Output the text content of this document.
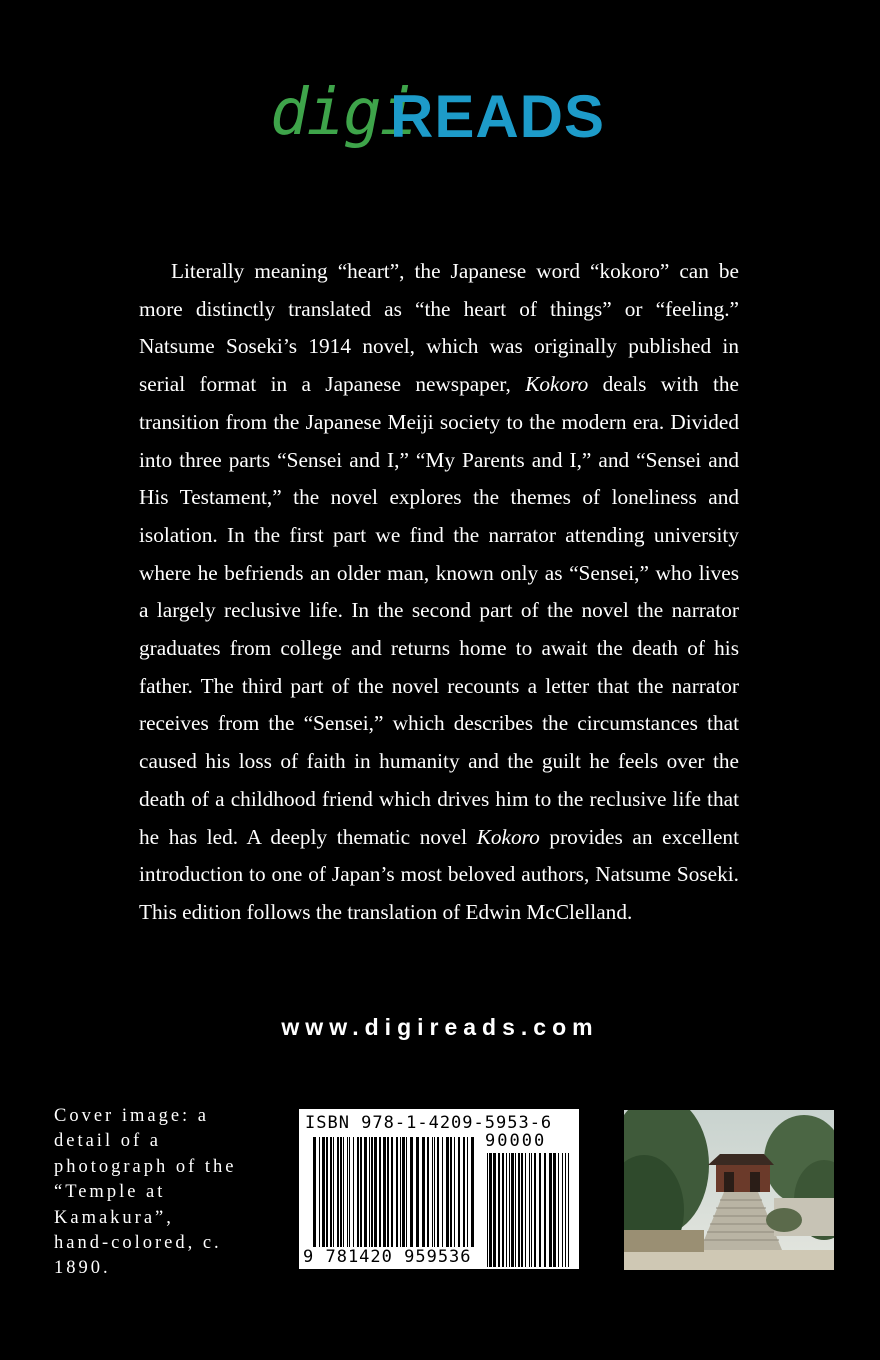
digi
READS

Literally meaning “heart”, the Japanese word “kokoro” can be more distinctly translated as “the heart of things” or “feeling.” Natsume Soseki’s 1914 novel, which was originally published in serial format in a Japanese newspaper, Kokoro deals with the transition from the Japanese Meiji society to the modern era. Divided into three parts “Sensei and I,” “My Parents and I,” and “Sensei and His Testament,” the novel explores the themes of loneliness and isolation. In the first part we find the narrator attending university where he befriends an older man, known only as “Sensei,” who lives a largely reclusive life. In the second part of the novel the narrator graduates from college and returns home to await the death of his father. The third part of the novel recounts a letter that the narrator receives from the “Sensei,” which describes the circumstances that caused his loss of faith in humanity and the guilt he feels over the death of a childhood friend which drives him to the reclusive life that he has led. A deeply thematic novel Kokoro provides an excellent introduction to one of Japan’s most beloved authors, Natsume Soseki. This edition follows the translation of Edwin McClelland.

www.digireads.com
Cover image: a
detail of a
photograph of the
“Temple at
Kamakura”,
hand-colored, c.
1890.
ISBN 978-1-4209-5953-6
90000
9 781420 959536
